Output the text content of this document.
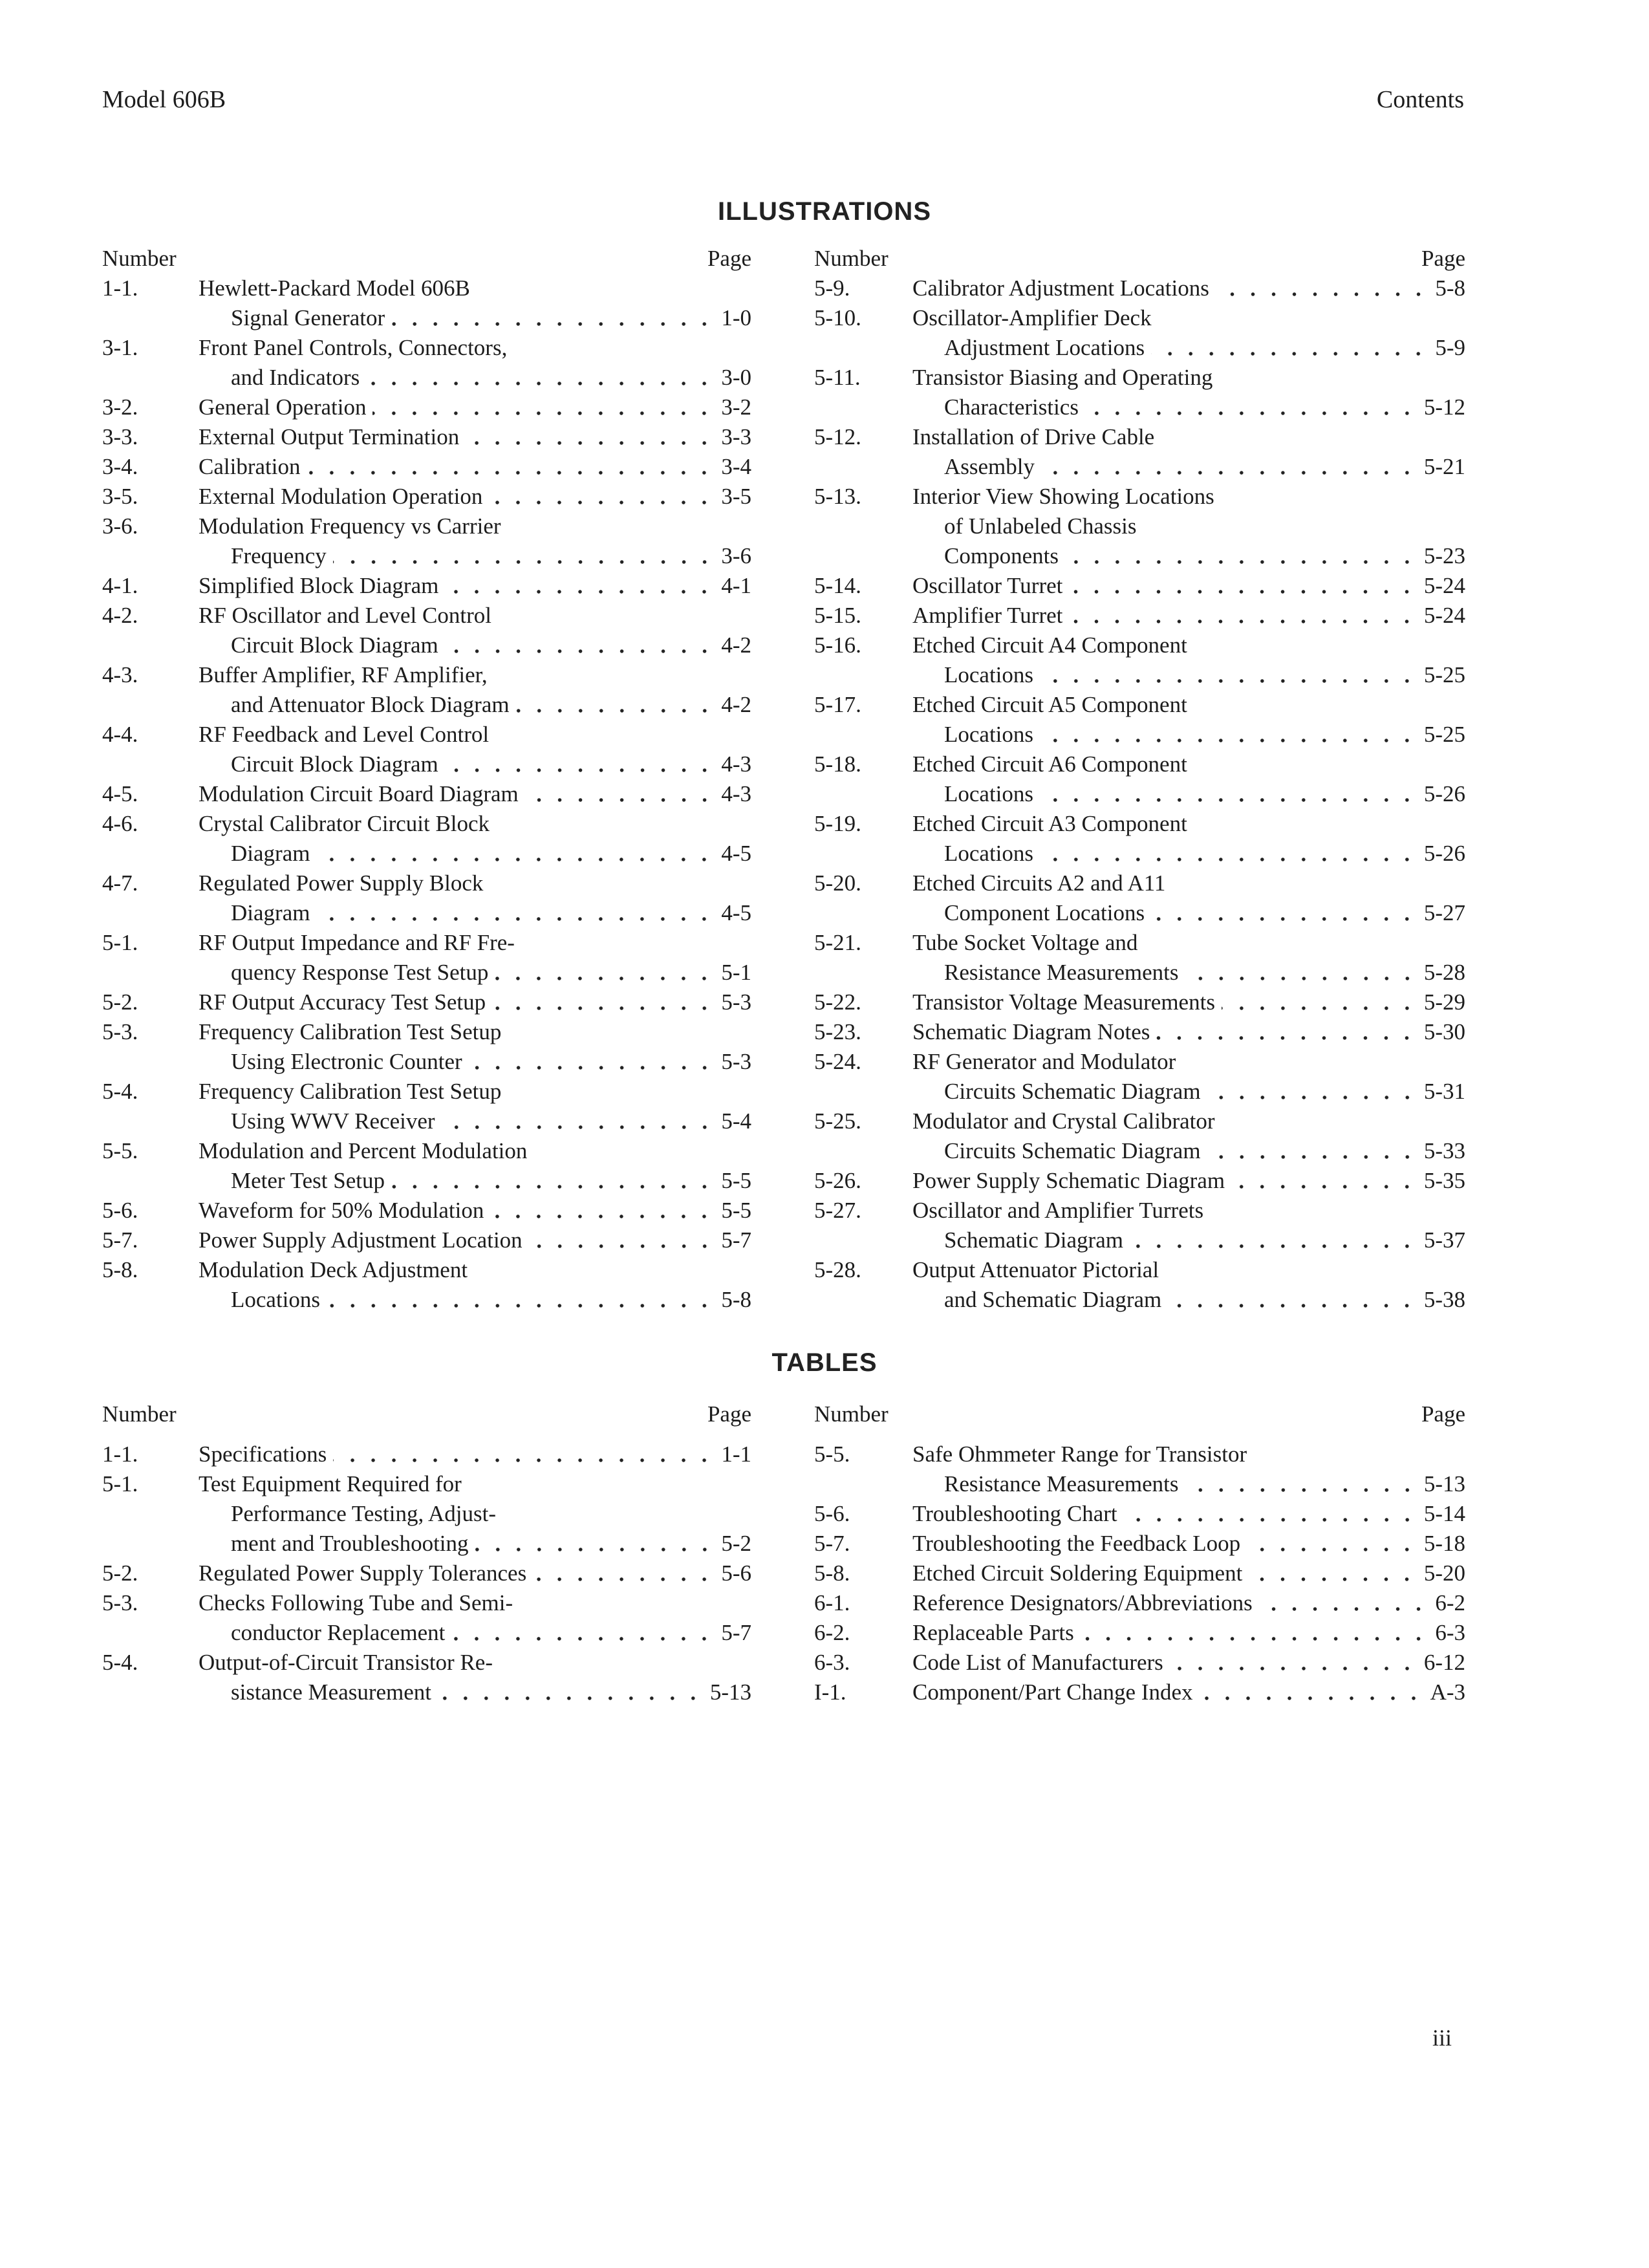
Model 606B	Contents
ILLUSTRATIONS
Number	Page
1-1.	Hewlett-Packard Model 606B
Signal Generator	1-0
3-1.	Front Panel Controls, Connectors,
and Indicators	3-0
3-2.	General Operation	3-2
3-3.	External Output Termination	3-3
3-4.	Calibration	3-4
3-5.	External Modulation Operation	3-5
3-6.	Modulation Frequency vs Carrier
Frequency	3-6
4-1.	Simplified Block Diagram	4-1
4-2.	RF Oscillator and Level Control
Circuit Block Diagram	4-2
4-3.	Buffer Amplifier, RF Amplifier,
and Attenuator Block Diagram	4-2
4-4.	RF Feedback and Level Control
Circuit Block Diagram	4-3
4-5.	Modulation Circuit Board Diagram	4-3
4-6.	Crystal Calibrator Circuit Block
Diagram	4-5
4-7.	Regulated Power Supply Block
Diagram	4-5
5-1.	RF Output Impedance and RF Fre-
quency Response Test Setup	5-1
5-2.	RF Output Accuracy Test Setup	5-3
5-3.	Frequency Calibration Test Setup
Using Electronic Counter	5-3
5-4.	Frequency Calibration Test Setup
Using WWV Receiver	5-4
5-5.	Modulation and Percent Modulation
Meter Test Setup	5-5
5-6.	Waveform for 50% Modulation	5-5
5-7.	Power Supply Adjustment Location	5-7
5-8.	Modulation Deck Adjustment
Locations	5-8
Number	Page
5-9.	Calibrator Adjustment Locations	5-8
5-10.	Oscillator-Amplifier Deck
Adjustment Locations	5-9
5-11.	Transistor Biasing and Operating
Characteristics	5-12
5-12.	Installation of Drive Cable
Assembly	5-21
5-13.	Interior View Showing Locations
of Unlabeled Chassis
Components	5-23
5-14.	Oscillator Turret	5-24
5-15.	Amplifier Turret	5-24
5-16.	Etched Circuit A4 Component
Locations	5-25
5-17.	Etched Circuit A5 Component
Locations	5-25
5-18.	Etched Circuit A6 Component
Locations	5-26
5-19.	Etched Circuit A3 Component
Locations	5-26
5-20.	Etched Circuits A2 and A11
Component Locations	5-27
5-21.	Tube Socket Voltage and
Resistance Measurements	5-28
5-22.	Transistor Voltage Measurements	5-29
5-23.	Schematic Diagram Notes	5-30
5-24.	RF Generator and Modulator
Circuits Schematic Diagram	5-31
5-25.	Modulator and Crystal Calibrator
Circuits Schematic Diagram	5-33
5-26.	Power Supply Schematic Diagram	5-35
5-27.	Oscillator and Amplifier Turrets
Schematic Diagram	5-37
5-28.	Output Attenuator Pictorial
and Schematic Diagram	5-38
TABLES
Number	Page
1-1.	Specifications	1-1
5-1.	Test Equipment Required for
Performance Testing, Adjust-
ment and Troubleshooting	5-2
5-2.	Regulated Power Supply Tolerances	5-6
5-3.	Checks Following Tube and Semi-
conductor Replacement	5-7
5-4.	Output-of-Circuit Transistor Re-
sistance Measurement	5-13
Number	Page
5-5.	Safe Ohmmeter Range for Transistor
Resistance Measurements	5-13
5-6.	Troubleshooting Chart	5-14
5-7.	Troubleshooting the Feedback Loop	5-18
5-8.	Etched Circuit Soldering Equipment	5-20
6-1.	Reference Designators/Abbreviations	6-2
6-2.	Replaceable Parts	6-3
6-3.	Code List of Manufacturers	6-12
I-1.	Component/Part Change Index	A-3
iii
